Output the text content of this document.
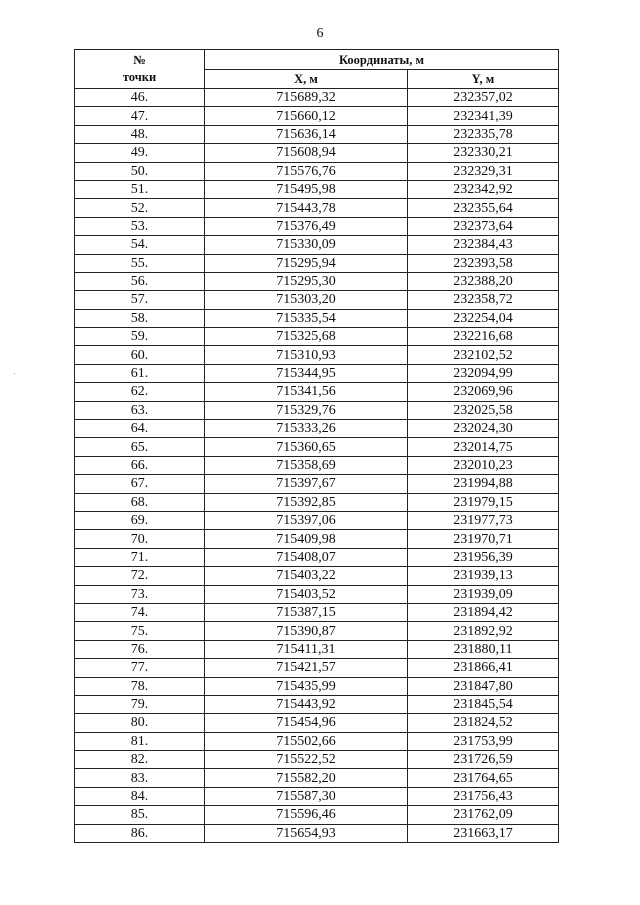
6
№
точки	Координаты, м	
	X, м	Y, м
46.	715689,32	232357,02
47.	715660,12	232341,39
48.	715636,14	232335,78
49.	715608,94	232330,21
50.	715576,76	232329,31
51.	715495,98	232342,92
52.	715443,78	232355,64
53.	715376,49	232373,64
54.	715330,09	232384,43
55.	715295,94	232393,58
56.	715295,30	232388,20
57.	715303,20	232358,72
58.	715335,54	232254,04
59.	715325,68	232216,68
60.	715310,93	232102,52
61.	715344,95	232094,99
62.	715341,56	232069,96
63.	715329,76	232025,58
64.	715333,26	232024,30
65.	715360,65	232014,75
66.	715358,69	232010,23
67.	715397,67	231994,88
68.	715392,85	231979,15
69.	715397,06	231977,73
70.	715409,98	231970,71
71.	715408,07	231956,39
72.	715403,22	231939,13
73.	715403,52	231939,09
74.	715387,15	231894,42
75.	715390,87	231892,92
76.	715411,31	231880,11
77.	715421,57	231866,41
78.	715435,99	231847,80
79.	715443,92	231845,54
80.	715454,96	231824,52
81.	715502,66	231753,99
82.	715522,52	231726,59
83.	715582,20	231764,65
84.	715587,30	231756,43
85.	715596,46	231762,09
86.	715654,93	231663,17
